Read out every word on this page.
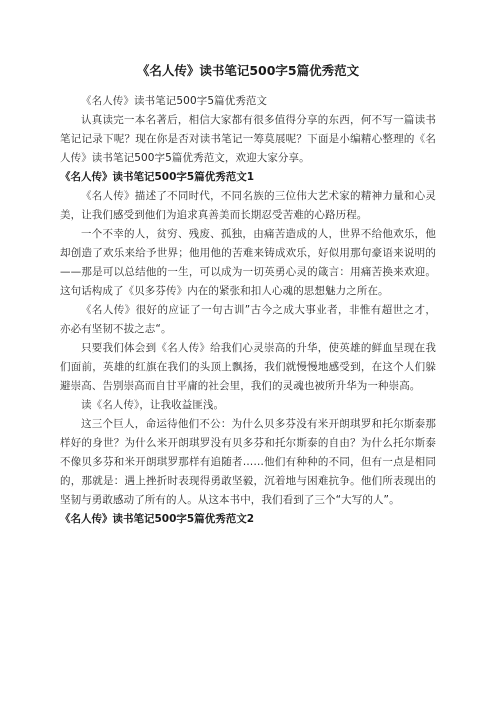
《名人传》读书笔记500字5篇优秀范文

《名人传》读书笔记500字5篇优秀范文

认真读完一本名著后，相信大家都有很多值得分享的东西，何不写一篇读书笔记记录下呢？现在你是否对读书笔记一筹莫展呢？下面是小编精心整理的《名人传》读书笔记500字5篇优秀范文，欢迎大家分享。

《名人传》读书笔记500字5篇优秀范文1

《名人传》描述了不同时代，不同名族的三位伟大艺术家的精神力量和心灵美，让我们感受到他们为追求真善美而长期忍受苦难的心路历程。

一个不幸的人，贫穷、残废、孤独，由痛苦造成的人，世界不给他欢乐，他却创造了欢乐来给予世界；他用他的苦难来铸成欢乐，好似用那句豪语来说明的——那是可以总结他的一生，可以成为一切英勇心灵的箴言：用痛苦换来欢迎。这句话构成了《贝多芬传》内在的紧张和扣人心魂的思想魅力之所在。

《名人传》很好的应证了一句古训”古今之成大事业者，非惟有超世之才，亦必有坚韧不拔之志“。

只要我们体会到《名人传》给我们心灵崇高的升华，使英雄的鲜血呈现在我们面前，英雄的红旗在我们的头顶上飘扬，我们就慢慢地感受到，在这个人们躲避崇高、告别崇高而自甘平庸的社会里，我们的灵魂也被所升华为一种崇高。

读《名人传》，让我收益匪浅。

这三个巨人，命运待他们不公：为什么贝多芬没有米开朗琪罗和托尔斯泰那样好的身世？为什么米开朗琪罗没有贝多芬和托尔斯泰的自由？为什么托尔斯泰不像贝多芬和米开朗琪罗那样有追随者……他们有种种的不同，但有一点是相同的，那就是：遇上挫折时表现得勇敢坚毅，沉着地与困难抗争。他们所表现出的坚韧与勇敢感动了所有的人。从这本书中，我们看到了三个“大写的人”。

《名人传》读书笔记500字5篇优秀范文2
